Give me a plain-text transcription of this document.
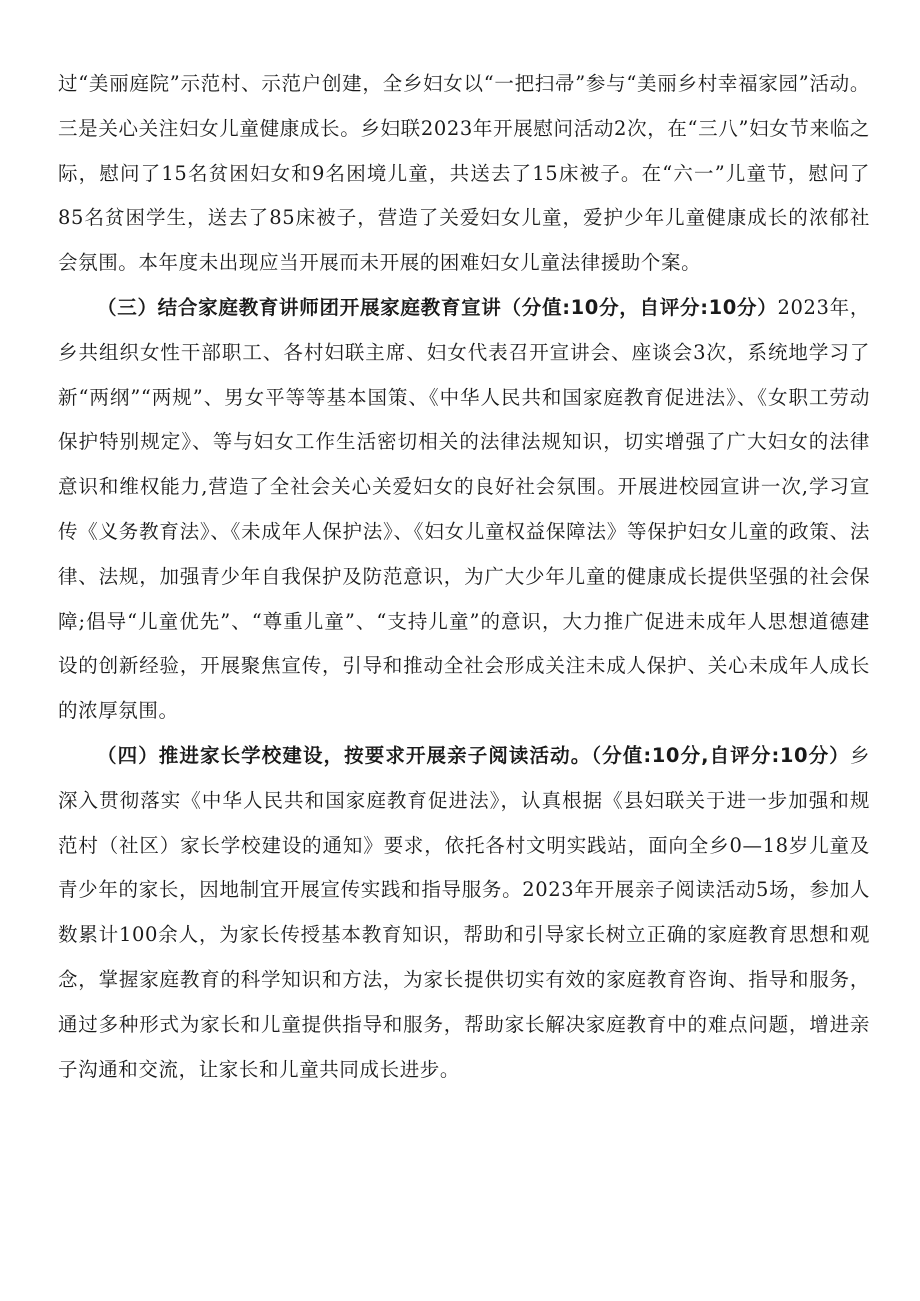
过“美丽庭院”示范村、示范户创建，全乡妇女以“一把扫帚”参与“美丽乡村幸福家园”活动。三是关心关注妇女儿童健康成长。乡妇联2023年开展慰问活动2次，在“三八”妇女节来临之际，慰问了15名贫困妇女和9名困境儿童，共送去了15床被子。在“六一”儿童节，慰问了85名贫困学生，送去了85床被子，营造了关爱妇女儿童，爱护少年儿童健康成长的浓郁社会氛围。本年度未出现应当开展而未开展的困难妇女儿童法律援助个案。

（三）结合家庭教育讲师团开展家庭教育宣讲（分值:10分，自评分:10分）2023年，乡共组织女性干部职工、各村妇联主席、妇女代表召开宣讲会、座谈会3次，系统地学习了新“两纲”“两规”、男女平等等基本国策、《中华人民共和国家庭教育促进法》、《女职工劳动保护特别规定》、等与妇女工作生活密切相关的法律法规知识，切实增强了广大妇女的法律意识和维权能力,营造了全社会关心关爱妇女的良好社会氛围。开展进校园宣讲一次,学习宣传《义务教育法》、《未成年人保护法》、《妇女儿童权益保障法》等保护妇女儿童的政策、法律、法规，加强青少年自我保护及防范意识，为广大少年儿童的健康成长提供坚强的社会保障;倡导“儿童优先”、“尊重儿童”、“支持儿童”的意识，大力推广促进未成年人思想道德建设的创新经验，开展聚焦宣传，引导和推动全社会形成关注未成人保护、关心未成年人成长的浓厚氛围。

（四）推进家长学校建设，按要求开展亲子阅读活动。（分值:10分,自评分:10分）乡深入贯彻落实《中华人民共和国家庭教育促进法》，认真根据《县妇联关于进一步加强和规范村（社区）家长学校建设的通知》要求，依托各村文明实践站，面向全乡0—18岁儿童及青少年的家长，因地制宜开展宣传实践和指导服务。2023年开展亲子阅读活动5场，参加人数累计100余人，为家长传授基本教育知识，帮助和引导家长树立正确的家庭教育思想和观念，掌握家庭教育的科学知识和方法，为家长提供切实有效的家庭教育咨询、指导和服务，通过多种形式为家长和儿童提供指导和服务，帮助家长解决家庭教育中的难点问题，增进亲子沟通和交流，让家长和儿童共同成长进步。
